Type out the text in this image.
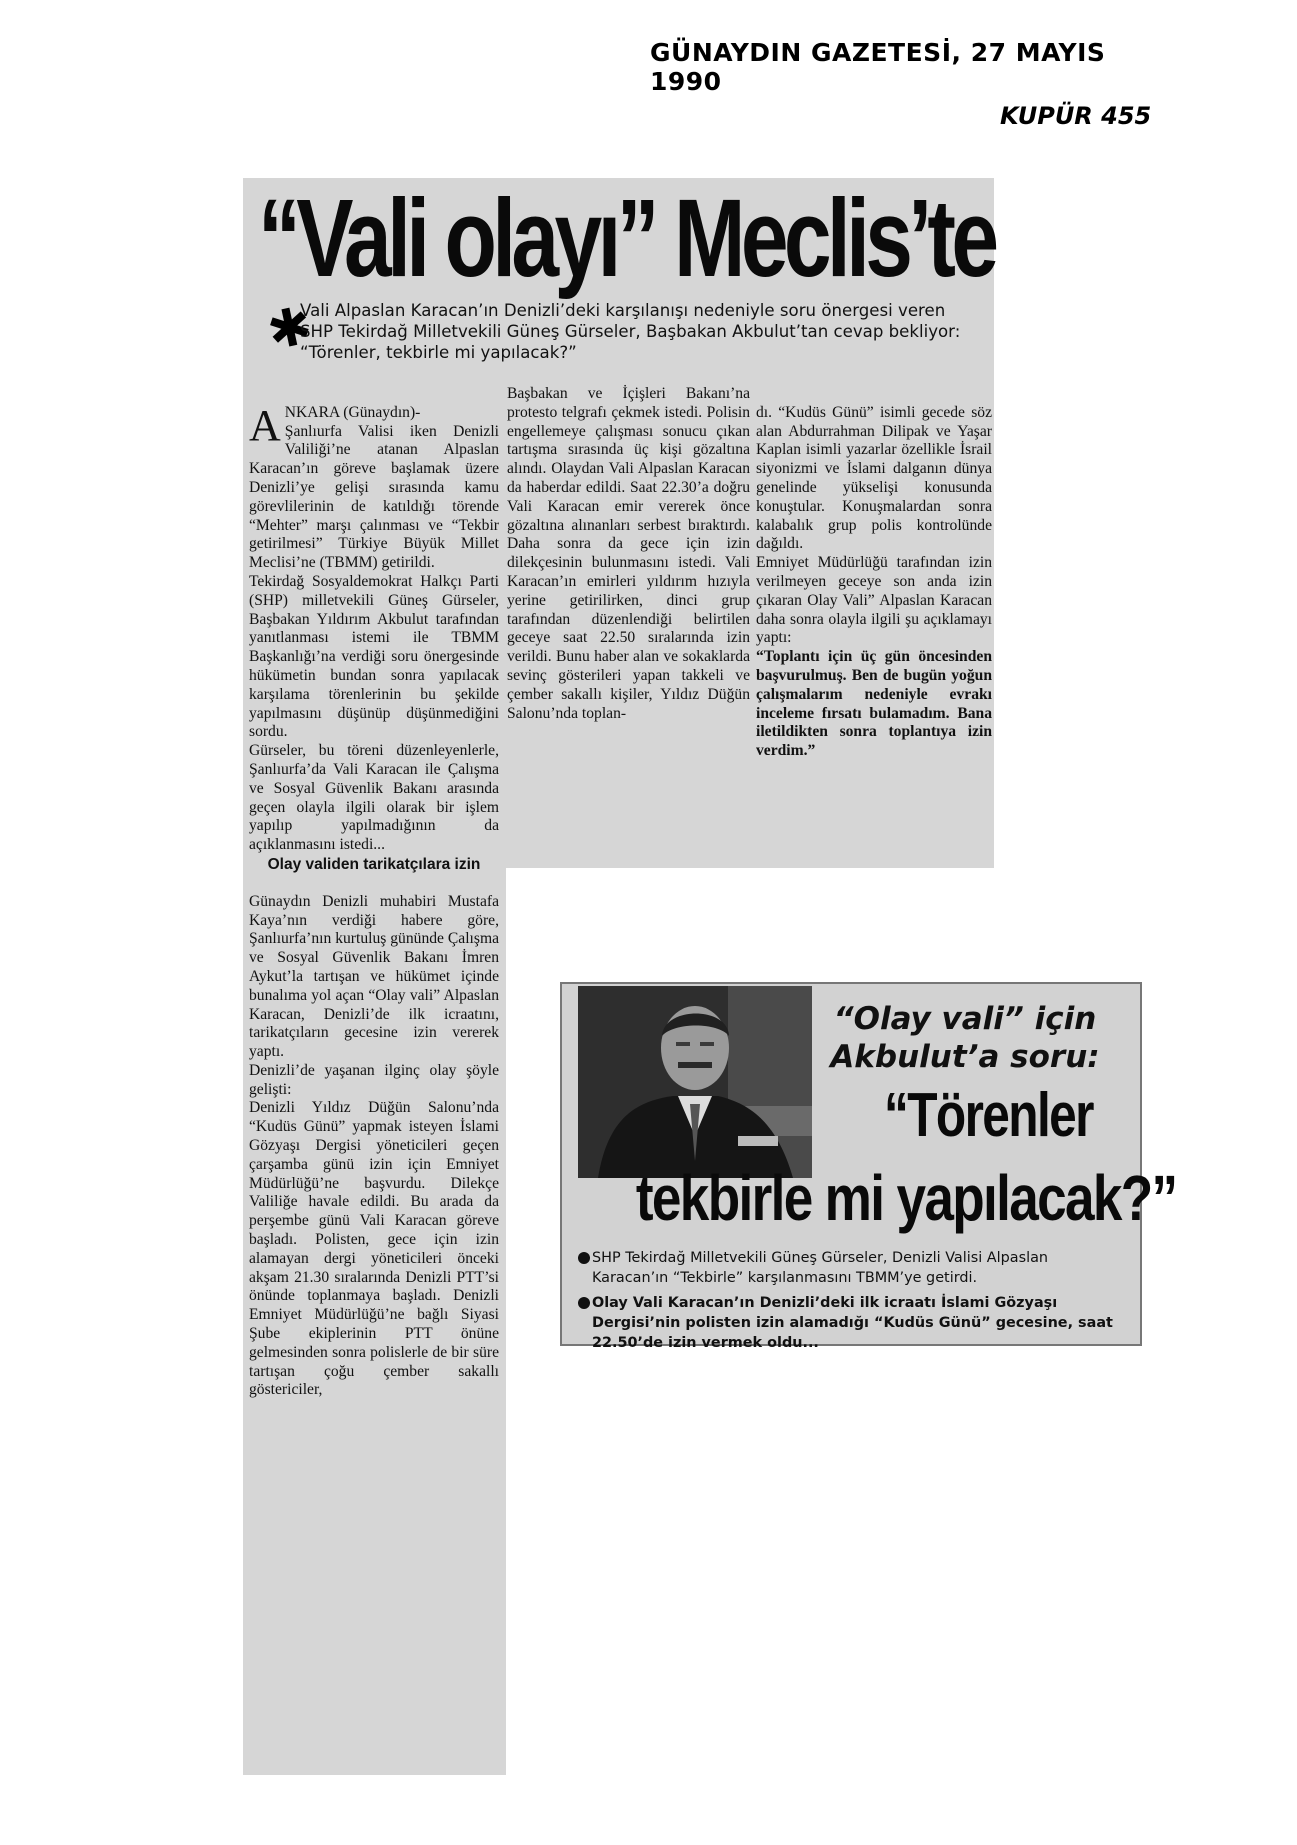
GÜNAYDIN GAZETESİ, 27 MAYIS 1990
KUPÜR 455
“Vali olayı” Meclis’te
✱
Vali Alpaslan Karacan’ın Denizli’deki karşılanışı nedeniyle soru önergesi veren SHP Tekirdağ Milletvekili Güneş Gürseler, Başbakan Akbulut’tan cevap bekliyor: “Törenler, tekbirle mi yapılacak?”

ANKARA (Günaydın)-
Şanlıurfa Valisi iken Denizli Valiliği’ne atanan Alpaslan Karacan’ın göreve başlamak üzere Denizli’ye gelişi sırasında kamu görevlilerinin de katıldığı törende “Mehter” marşı çalınması ve “Tekbir getirilmesi” Türkiye Büyük Millet Meclisi’ne (TBMM) getirildi.
Tekirdağ Sosyaldemokrat Halkçı Parti (SHP) milletvekili Güneş Gürseler, Başbakan Yıldırım Akbulut tarafından yanıtlanması istemi ile TBMM Başkanlığı’na verdiği soru önergesinde hükümetin bundan sonra yapılacak karşılama törenlerinin bu şekilde yapılmasını düşünüp düşünmediğini sordu.
Gürseler, bu töreni düzenleyenlerle, Şanlıurfa’da Vali Karacan ile Çalışma ve Sosyal Güvenlik Bakanı arasında geçen olayla ilgili olarak bir işlem yapılıp yapılmadığının da açıklanmasını istedi...

Olay validen tarikatçılara izin

Günaydın Denizli muhabiri Mustafa Kaya’nın verdiği habere göre, Şanlıurfa’nın kurtuluş gününde Çalışma ve Sosyal Güvenlik Bakanı İmren Aykut’la tartışan ve hükümet içinde bunalıma yol açan “Olay vali” Alpaslan Karacan, Denizli’de ilk icraatını, tarikatçıların gecesine izin vererek yaptı.
Denizli’de yaşanan ilginç olay şöyle gelişti:
Denizli Yıldız Düğün Salonu’nda “Kudüs Günü” yapmak isteyen İslami Gözyaşı Dergisi yöneticileri geçen çarşamba günü izin için Emniyet Müdürlüğü’ne başvurdu. Dilekçe Valiliğe havale edildi. Bu arada da perşembe günü Vali Karacan göreve başladı. Polisten, gece için izin alamayan dergi yöneticileri önceki akşam 21.30 sıralarında Denizli PTT’si önünde toplanmaya başladı. Denizli Emniyet Müdürlüğü’ne bağlı Siyasi Şube ekiplerinin PTT önüne gelmesinden sonra polislerle de bir süre tartışan çoğu çember sakallı göstericiler,

Başbakan ve İçişleri Bakanı’na protesto telgrafı çekmek istedi. Polisin engellemeye çalışması sonucu çıkan tartışma sırasında üç kişi gözaltına alındı. Olaydan Vali Alpaslan Karacan da haberdar edildi. Saat 22.30’a doğru Vali Karacan emir vererek önce gözaltına alınanları serbest bıraktırdı. Daha sonra da gece için izin dilekçesinin bulunmasını istedi. Vali Karacan’ın emirleri yıldırım hızıyla yerine getirilirken, dinci grup tarafından düzenlendiği belirtilen geceye saat 22.50 sıralarında izin verildi. Bunu haber alan ve sokaklarda sevinç gösterileri yapan takkeli ve çember sakallı kişiler, Yıldız Düğün Salonu’nda toplan-

dı. “Kudüs Günü” isimli gecede söz alan Abdurrahman Dilipak ve Yaşar Kaplan isimli yazarlar özellikle İsrail siyonizmi ve İslami dalganın dünya genelinde yükselişi konusunda konuştular. Konuşmalardan sonra kalabalık grup polis kontrolünde dağıldı.
Emniyet Müdürlüğü tarafından izin verilmeyen geceye son anda izin çıkaran Olay Vali” Alpaslan Karacan daha sonra olayla ilgili şu açıklamayı yaptı:

“Toplantı için üç gün öncesinden başvurulmuş. Ben de bugün yoğun çalışmalarım nedeniyle evrakı inceleme fırsatı bulamadım. Bana iletildikten sonra toplantıya izin verdim.”

“Olay vali” için
Akbulut’a soru:
“Törenler
tekbirle mi yapılacak?”
SHP Tekirdağ Milletvekili Güneş Gürseler, Denizli Valisi Alpaslan Karacan’ın “Tekbirle” karşılanmasını TBMM’ye getirdi.
Olay Vali Karacan’ın Denizli’deki ilk icraatı İslami Gözyaşı Dergisi’nin polisten izin alamadığı “Kudüs Günü” gecesine, saat 22.50’de izin vermek oldu...
